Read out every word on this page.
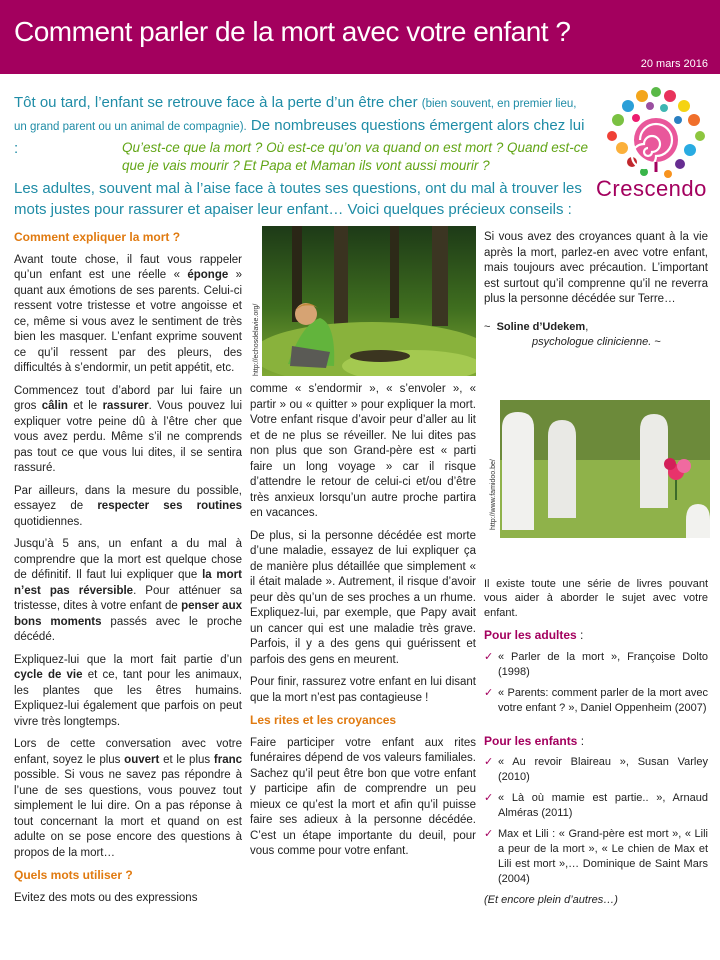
Comment parler de la mort avec votre enfant ?
20 mars 2016
Tôt ou tard, l’enfant se retrouve face à la perte d’un être cher (bien souvent, en premier lieu, un grand parent ou un animal de compagnie). De nombreuses questions émergent alors chez lui :	Qu’est-ce que la mort ? Où est-ce qu’on va quand on est mort ? Quand est-ce que je vais mourir ? Et Papa et Maman ils vont aussi mourir ?
Les adultes, souvent mal à l’aise face à toutes ses questions, ont du mal à trouver les mots justes pour rassurer et apaiser leur enfant… Voici quelques précieux conseils :
Crescendo
http://echosdelavie.org/
http://www.famidoo.be/
Comment expliquer la mort ?

Avant toute chose, il faut vous rappeler qu’un enfant est une réelle « éponge » quant aux émotions de ses parents. Celui-ci ressent votre tristesse et votre angoisse et ce, même si vous avez le sentiment de très bien les masquer. L’enfant exprime souvent ce qu’il ressent par des pleurs, des difficultés à s’endormir, un petit appétit, etc.

Commencez tout d’abord par lui faire un gros câlin et le rassurer. Vous pouvez lui expliquer votre peine dû à l’être cher que vous avez perdu. Même s’il ne comprends pas tout ce que vous lui dites, il se sentira rassuré.

Par ailleurs, dans la mesure du possible, essayez de respecter ses routines quotidiennes.

Jusqu’à 5 ans, un enfant a du mal à comprendre que la mort est quelque chose de définitif. Il faut lui expliquer que la mort n’est pas réversible. Pour atténuer sa tristesse, dites à votre enfant de penser aux bons moments passés avec le proche décédé.

Expliquez-lui que la mort fait partie d’un cycle de vie et ce, tant pour les animaux, les plantes que les êtres humains. Expliquez-lui également que parfois on peut vivre très longtemps.

Lors de cette conversation avec votre enfant, soyez le plus ouvert et le plus franc possible. Si vous ne savez pas répondre à l’une de ses questions, vous pouvez tout simplement le lui dire. On a pas réponse à tout concernant la mort et quand on est adulte on se pose encore des questions à propos de la mort…

Quels mots utiliser ?

Evitez des mots ou des expressions

comme « s’endormir », « s’envoler », « partir » ou « quitter » pour expliquer la mort. Votre enfant risque d’avoir peur d’aller au lit et de ne plus se réveiller. Ne lui dites pas non plus que son Grand-père est « parti faire un long voyage » car il risque d’attendre le retour de celui-ci et/ou d’être très anxieux lorsqu’un autre proche partira en vacances.

De plus, si la personne décédée est morte d’une maladie, essayez de lui expliquer ça de manière plus détaillée que simplement « il était malade ». Autrement, il risque d’avoir peur dès qu’un de ses proches a un rhume. Expliquez-lui, par exemple, que Papy avait un cancer qui est une maladie très grave. Parfois, il y a des gens qui guérissent et parfois des gens en meurent.

Pour finir, rassurez votre enfant en lui disant que la mort n’est pas contagieuse !

Les rites et les croyances

Faire participer votre enfant aux rites funéraires dépend de vos valeurs familiales. Sachez qu’il peut être bon que votre enfant y participe afin de comprendre un peu mieux ce qu’est la mort et afin qu’il puisse faire ses adieux à la personne décédée. C’est un étape importante du deuil, pour vous comme pour votre enfant.

Si vous avez des croyances quant à la vie après la mort, parlez-en avec votre enfant, mais toujours avec précaution. L’important est surtout qu’il comprenne qu’il ne reverra plus la personne décédée sur Terre…

~ Soline d’Udekem,
psychologue clinicienne. ~

Il existe toute une série de livres pouvant vous aider à aborder le sujet avec votre enfant.

Pour les adultes :
✓ « Parler de la mort », Françoise Dolto (1998)
✓ « Parents: comment parler de la mort avec votre enfant ? », Daniel Oppenheim (2007)
Pour les enfants :
✓ « Au revoir Blaireau », Susan Varley (2010)
✓ « Là où mamie est partie.. », Arnaud Alméras (2011)
✓ Max et Lili : « Grand-père est mort », « Lili a peur de la mort », « Le chien de Max et Lili est mort »,… Dominique de Saint Mars (2004)
(Et encore plein d’autres…)
